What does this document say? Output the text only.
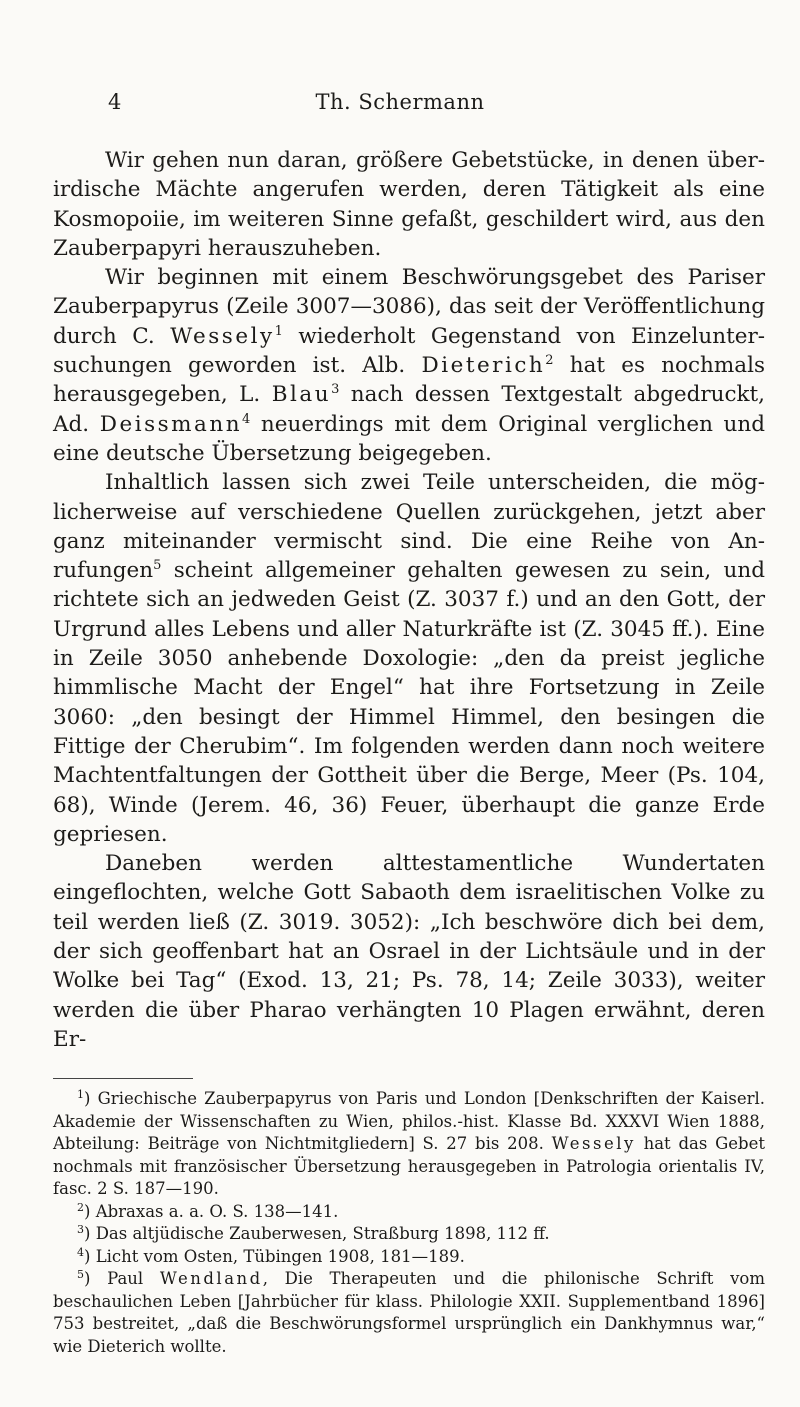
4	Th. Schermann

Wir gehen nun daran, größere Gebetstücke, in denen überirdische Mächte angerufen werden, deren Tätigkeit als eine Kosmopoiie, im weiteren Sinne gefaßt, geschildert wird, aus den Zauberpapyri herauszuheben.

Wir beginnen mit einem Beschwörungsgebet des Pariser Zauberpapyrus (Zeile 3007—3086), das seit der Veröffentlichung durch C. Wessely$^1$ wiederholt Gegenstand von Einzeluntersuchungen geworden ist. Alb. Dieterich$^2$ hat es nochmals herausgegeben, L. Blau$^3$ nach dessen Textgestalt abgedruckt, Ad. Deissmann$^4$ neuerdings mit dem Original verglichen und eine deutsche Übersetzung beigegeben.

Inhaltlich lassen sich zwei Teile unterscheiden, die möglicherweise auf verschiedene Quellen zurückgehen, jetzt aber ganz miteinander vermischt sind. Die eine Reihe von Anrufungen$^5$ scheint allgemeiner gehalten gewesen zu sein, und richtete sich an jedweden Geist (Z. 3037 f.) und an den Gott, der Urgrund alles Lebens und aller Naturkräfte ist (Z. 3045 ff.). Eine in Zeile 3050 anhebende Doxologie: „den da preist jegliche himmlische Macht der Engel“ hat ihre Fortsetzung in Zeile 3060: „den besingt der Himmel Himmel, den besingen die Fittige der Cherubim“. Im folgenden werden dann noch weitere Machtentfaltungen der Gottheit über die Berge, Meer (Ps. 104, 68), Winde (Jerem. 46, 36) Feuer, überhaupt die ganze Erde gepriesen.

Daneben werden alttestamentliche Wundertaten eingeflochten, welche Gott Sabaoth dem israelitischen Volke zu teil werden ließ (Z. 3019. 3052): „Ich beschwöre dich bei dem, der sich geoffenbart hat an Osrael in der Lichtsäule und in der Wolke bei Tag“ (Exod. 13, 21; Ps. 78, 14; Zeile 3033), weiter werden die über Pharao verhängten 10 Plagen erwähnt, deren Er-

$^1$) Griechische Zauberpapyrus von Paris und London [Denkschriften der Kaiserl. Akademie der Wissenschaften zu Wien, philos.-hist. Klasse Bd. XXXVI Wien 1888, Abteilung: Beiträge von Nichtmitgliedern] S. 27 bis 208. Wessely hat das Gebet nochmals mit französischer Übersetzung herausgegeben in Patrologia orientalis IV, fasc. 2 S. 187—190.

$^2$) Abraxas a. a. O. S. 138—141.

$^3$) Das altjüdische Zauberwesen, Straßburg 1898, 112 ff.

$^4$) Licht vom Osten, Tübingen 1908, 181—189.

$^5$) Paul Wendland, Die Therapeuten und die philonische Schrift vom beschaulichen Leben [Jahrbücher für klass. Philologie XXII. Supplementband 1896] 753 bestreitet, „daß die Beschwörungsformel ursprünglich ein Dankhymnus war,“ wie Dieterich wollte.
